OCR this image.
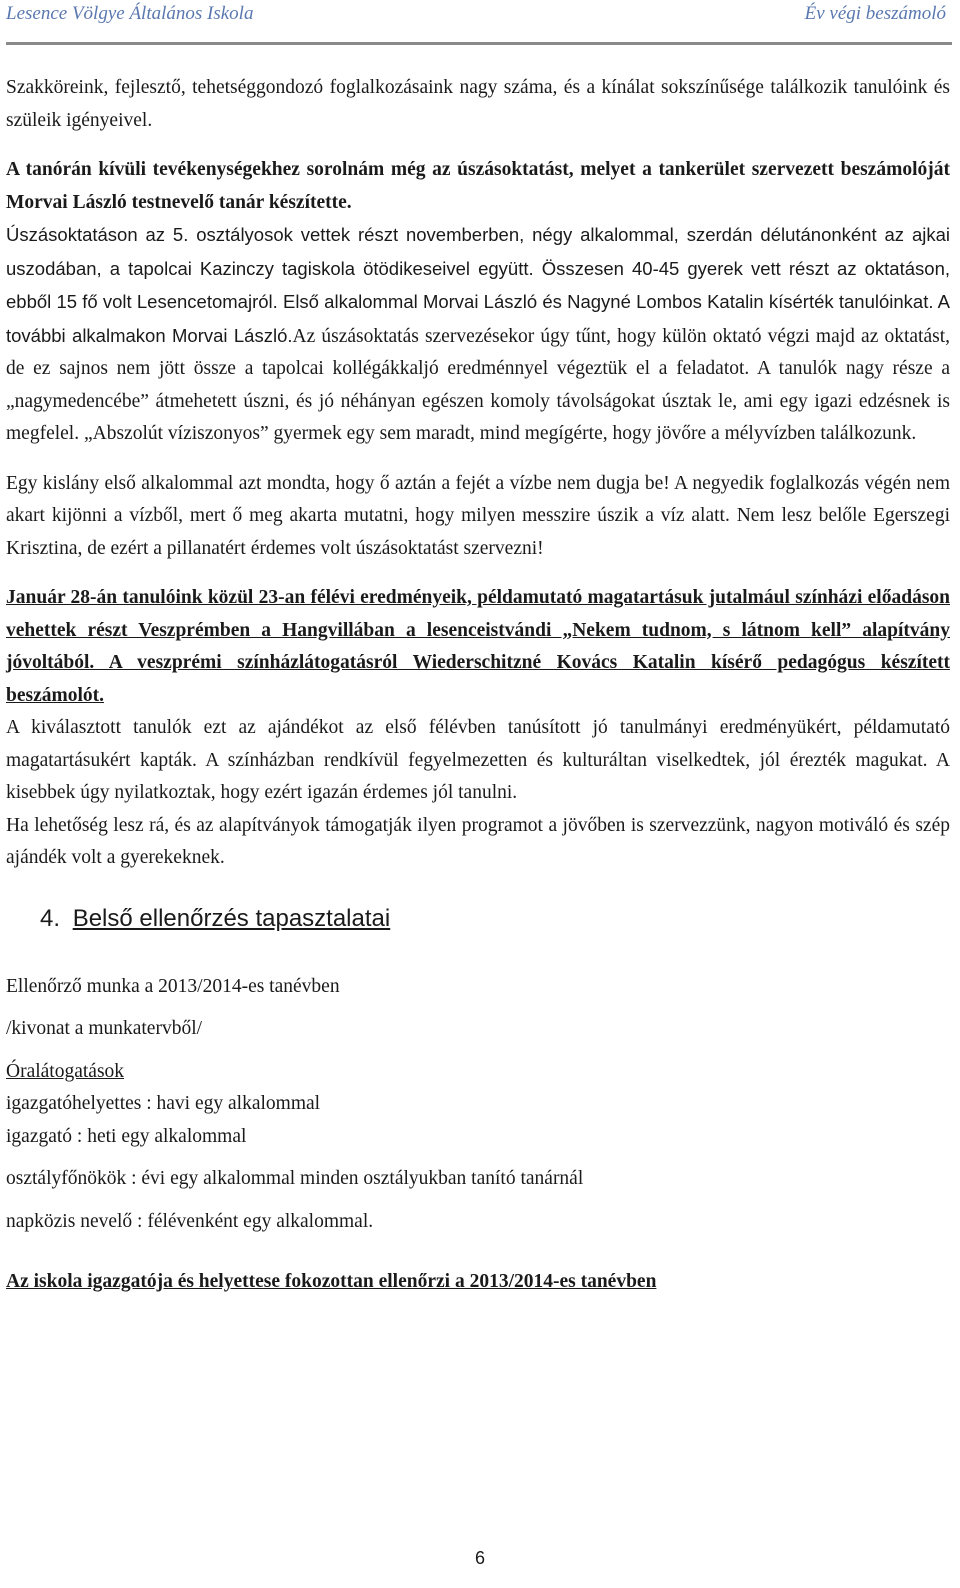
Lesence Völgye Általános Iskola	Év végi beszámoló

Szakköreink, fejlesztő, tehetséggondozó foglalkozásaink nagy száma, és a kínálat sokszínűsége találkozik tanulóink és szüleik igényeivel.

A tanórán kívüli tevékenységekhez sorolnám még az úszásoktatást, melyet a tankerület szervezett beszámolóját Morvai László testnevelő tanár készítette.

Úszásoktatáson az 5. osztályosok vettek részt novemberben, négy alkalommal, szerdán délutánonként az ajkai uszodában, a tapolcai Kazinczy tagiskola ötödikeseivel együtt. Összesen 40-45 gyerek vett részt az oktatáson, ebből 15 fő volt Lesencetomajról. Első alkalommal Morvai László és Nagyné Lombos Katalin kísérték tanulóinkat. A további alkalmakon Morvai László.Az úszásoktatás szervezésekor úgy tűnt, hogy külön oktató végzi majd az oktatást, de ez sajnos nem jött össze a tapolcai kollégákkaljó eredménnyel végeztük el a feladatot. A tanulók nagy része a „nagymedencébe” átmehetett úszni, és jó néhányan egészen komoly távolságokat úsztak le, ami egy igazi edzésnek is megfelel. „Abszolút víziszonyos” gyermek egy sem maradt, mind megígérte, hogy jövőre a mélyvízben találkozunk.

Egy kislány első alkalommal azt mondta, hogy ő aztán a fejét a vízbe nem dugja be! A negyedik foglalkozás végén nem akart kijönni a vízből, mert ő meg akarta mutatni, hogy milyen messzire úszik a víz alatt. Nem lesz belőle Egerszegi Krisztina, de ezért a pillanatért érdemes volt úszásoktatást szervezni!

Január 28-án tanulóink közül 23-an félévi eredményeik, példamutató magatartásuk jutalmául színházi előadáson vehettek részt Veszprémben a Hangvillában a lesenceistvándi „Nekem tudnom, s látnom kell” alapítvány jóvoltából. A veszprémi színházlátogatásról Wiederschitzné Kovács Katalin kísérő pedagógus készített beszámolót.

A kiválasztott tanulók ezt az ajándékot az első félévben tanúsított jó tanulmányi eredményükért, példamutató magatartásukért kapták. A színházban rendkívül fegyelmezetten és kulturáltan viselkedtek, jól érezték magukat. A kisebbek úgy nyilatkoztak, hogy ezért igazán érdemes jól tanulni.

Ha lehetőség lesz rá, és az alapítványok támogatják ilyen programot a jövőben is szervezzünk, nagyon motiváló és szép ajándék volt a gyerekeknek.

4. Belső ellenőrzés tapasztalatai

Ellenőrző munka a 2013/2014-es tanévben

/kivonat a munkatervből/

Óralátogatások

igazgatóhelyettes : havi egy alkalommal

igazgató : heti egy alkalommal

osztályfőnökök : évi egy alkalommal minden osztályukban tanító tanárnál

napközis nevelő : félévenként egy alkalommal.

Az iskola igazgatója és helyettese fokozottan ellenőrzi a 2013/2014-es tanévben

6
